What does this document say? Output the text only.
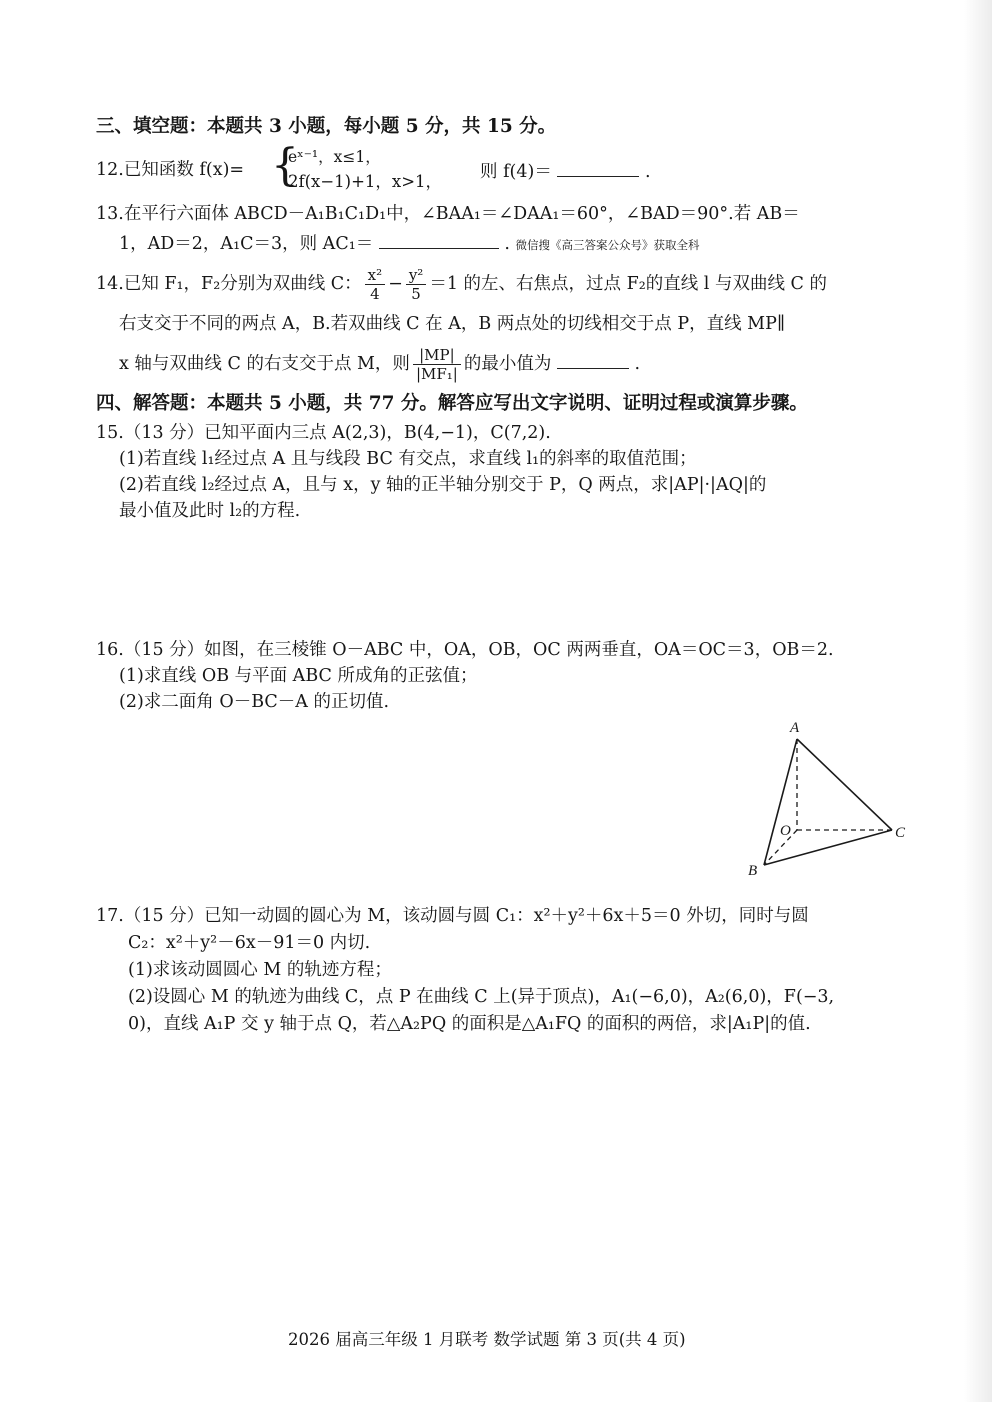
三、填空题：本题共 3 小题，每小题 5 分，共 15 分。
12.已知函数 f(x)= {
eˣ⁻¹，x≤1，
2f(x−1)+1，x>1， 则 f(4)＝	.
13.在平行六面体 ABCD－A₁B₁C₁D₁中，∠BAA₁＝∠DAA₁＝60°，∠BAD＝90°.若 AB＝
1，AD＝2，A₁C＝3，则 AC₁＝	. 微信搜《高三答案公众号》获取全科
14.已知 F₁，F₂分别为双曲线 C： $\frac{\text{x²}}{4} - \frac{\text{y²}}{5} =1$ 的左、右焦点，过点 F₂的直线 l 与双曲线 C 的
右支交于不同的两点 A，B.若双曲线 C 在 A，B 两点处的切线相交于点 P，直线 MP∥
x 轴与双曲线 C 的右支交于点 M，则 $\frac{|MP|}{\text{|MF₁|}}$ 的最小值为	.
四、解答题：本题共 5 小题，共 77 分。解答应写出文字说明、证明过程或演算步骤。
15.（13 分）已知平面内三点 A(2,3)，B(4,−1)，C(7,2).
(1)若直线 l₁经过点 A 且与线段 BC 有交点，求直线 l₁的斜率的取值范围；
(2)若直线 l₂经过点 A，且与 x，y 轴的正半轴分别交于 P，Q 两点，求|AP|·|AQ|的
最小值及此时 l₂的方程.
16.（15 分）如图，在三棱锥 O－ABC 中，OA，OB，OC 两两垂直，OA＝OC＝3，OB＝2.
(1)求直线 OB 与平面 ABC 所成角的正弦值；
(2)求二面角 O－BC－A 的正切值.
A
O
B
C
17.（15 分）已知一动圆的圆心为 M，该动圆与圆 C₁：x²＋y²＋6x＋5＝0 外切，同时与圆
C₂：x²＋y²－6x－91＝0 内切.
(1)求该动圆圆心 M 的轨迹方程；
(2)设圆心 M 的轨迹为曲线 C，点 P 在曲线 C 上(异于顶点)，A₁(−6,0)，A₂(6,0)，F(−3,
0)，直线 A₁P 交 y 轴于点 Q，若△A₂PQ 的面积是△A₁FQ 的面积的两倍，求|A₁P|的值.
2026 届高三年级 1 月联考 数学试题 第 3 页(共 4 页)
